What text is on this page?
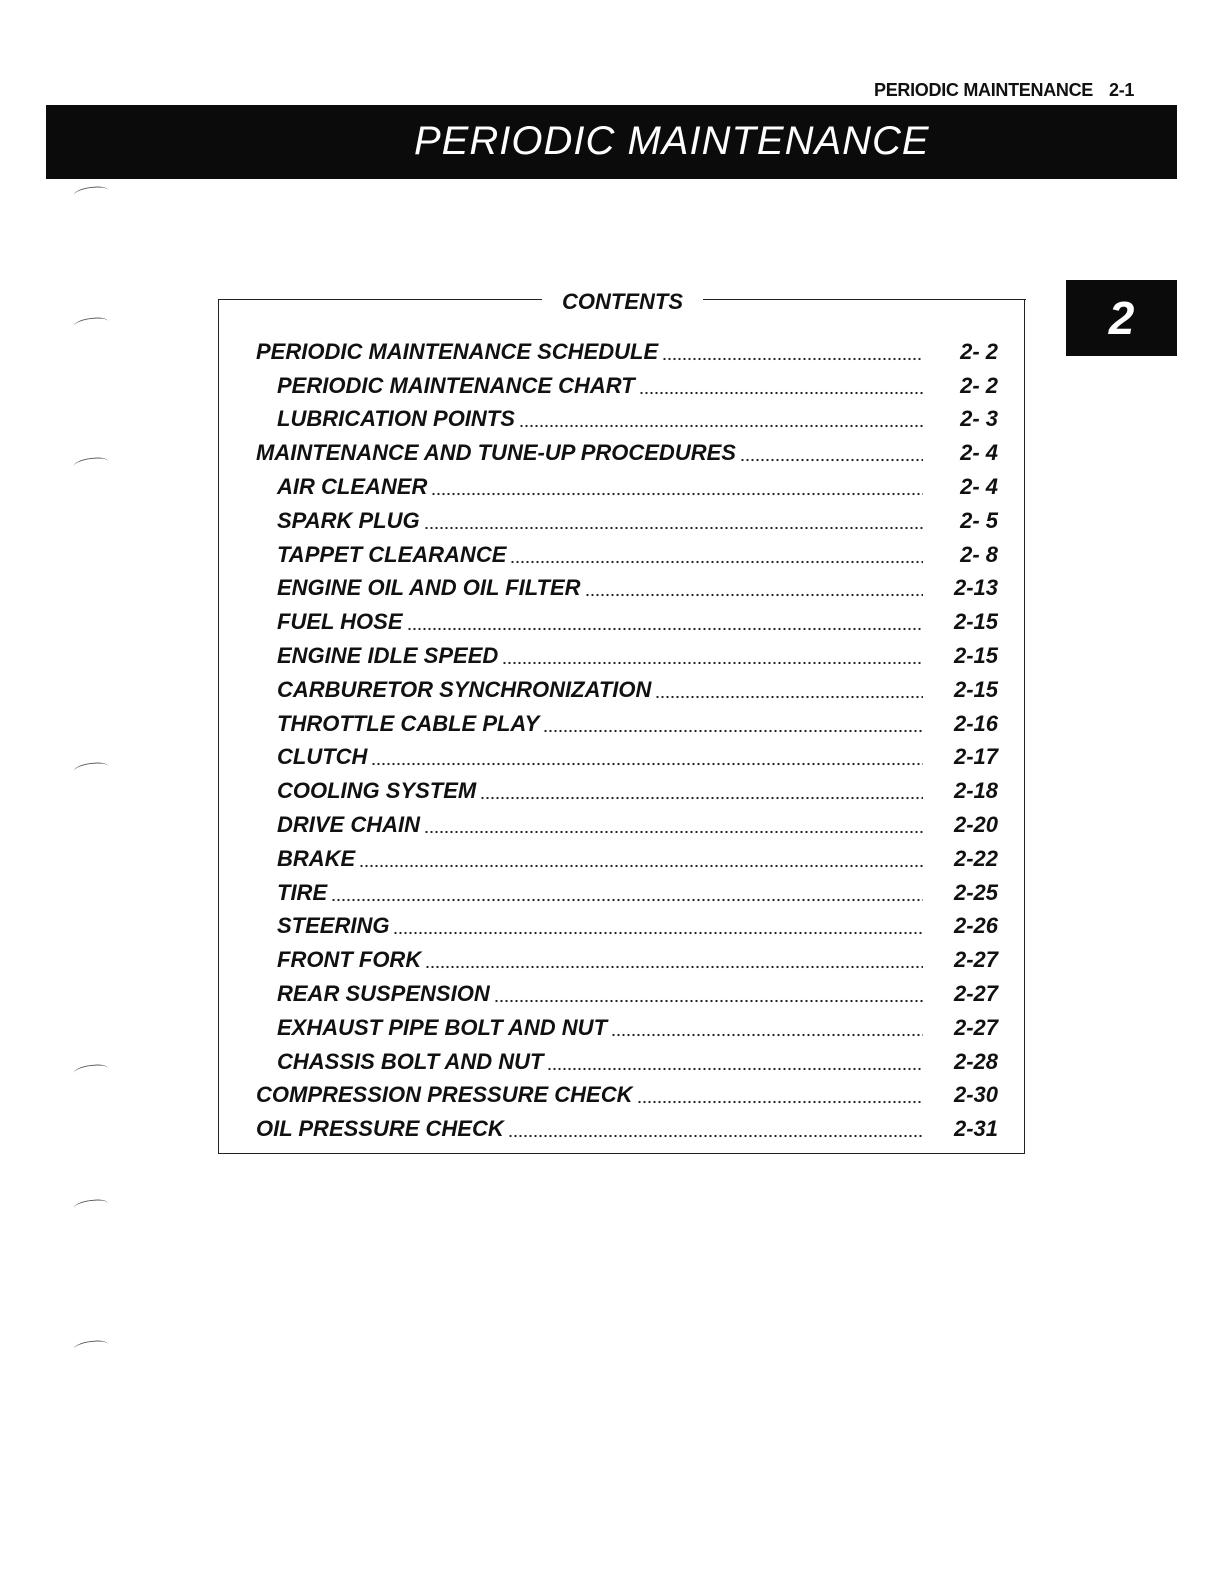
PERIODIC MAINTENANCE 2-1
PERIODIC MAINTENANCE
2
CONTENTS
PERIODIC MAINTENANCE SCHEDULE	2- 2
PERIODIC MAINTENANCE CHART	2- 2
LUBRICATION POINTS	2- 3
MAINTENANCE AND TUNE-UP PROCEDURES	2- 4
AIR CLEANER	2- 4
SPARK PLUG	2- 5
TAPPET CLEARANCE	2- 8
ENGINE OIL AND OIL FILTER	2-13
FUEL HOSE	2-15
ENGINE IDLE SPEED	2-15
CARBURETOR SYNCHRONIZATION	2-15
THROTTLE CABLE PLAY	2-16
CLUTCH	2-17
COOLING SYSTEM	2-18
DRIVE CHAIN	2-20
BRAKE	2-22
TIRE	2-25
STEERING	2-26
FRONT FORK	2-27
REAR SUSPENSION	2-27
EXHAUST PIPE BOLT AND NUT	2-27
CHASSIS BOLT AND NUT	2-28
COMPRESSION PRESSURE CHECK	2-30
OIL PRESSURE CHECK	2-31
